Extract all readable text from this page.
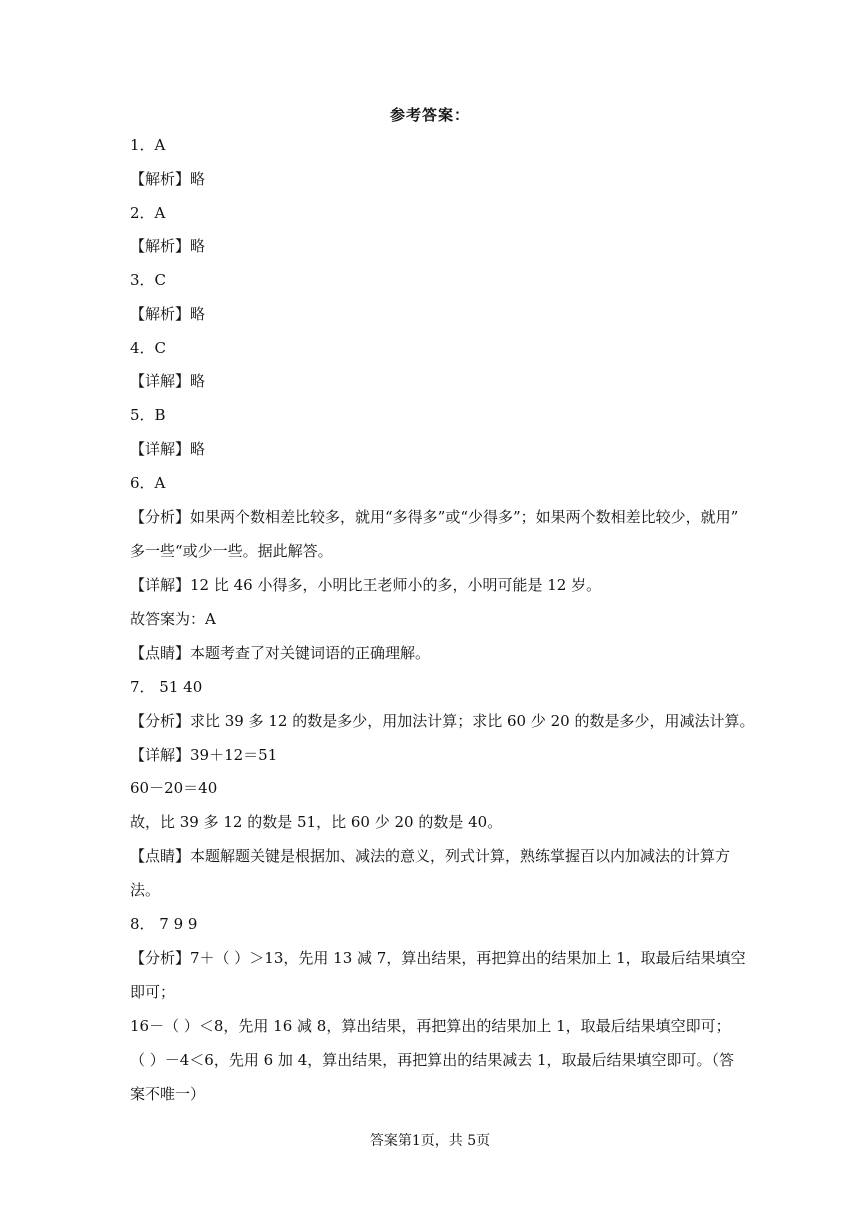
参考答案：
1．A
【解析】略
2．A
【解析】略
3．C
【解析】略
4．C
【详解】略
5．B
【详解】略
6．A
【分析】如果两个数相差比较多，就用“多得多”或“少得多”；如果两个数相差比较少，就用”
多一些“或少一些。据此解答。
【详解】12 比 46 小得多，小明比王老师小的多，小明可能是 12 岁。
故答案为：A
【点睛】本题考查了对关键词语的正确理解。
7． 51 40
【分析】求比 39 多 12 的数是多少，用加法计算；求比 60 少 20 的数是多少，用减法计算。
【详解】39＋12＝51
60－20＝40
故，比 39 多 12 的数是 51，比 60 少 20 的数是 40。
【点睛】本题解题关键是根据加、减法的意义，列式计算，熟练掌握百以内加减法的计算方
法。
8． 7 9 9
【分析】7＋（ ）＞13，先用 13 减 7，算出结果，再把算出的结果加上 1，取最后结果填空
即可；
16－（ ）＜8，先用 16 减 8，算出结果，再把算出的结果加上 1，取最后结果填空即可；
（ ）－4＜6，先用 6 加 4，算出结果，再把算出的结果减去 1，取最后结果填空即可。（答
案不唯一）
答案第1页，共 5页
